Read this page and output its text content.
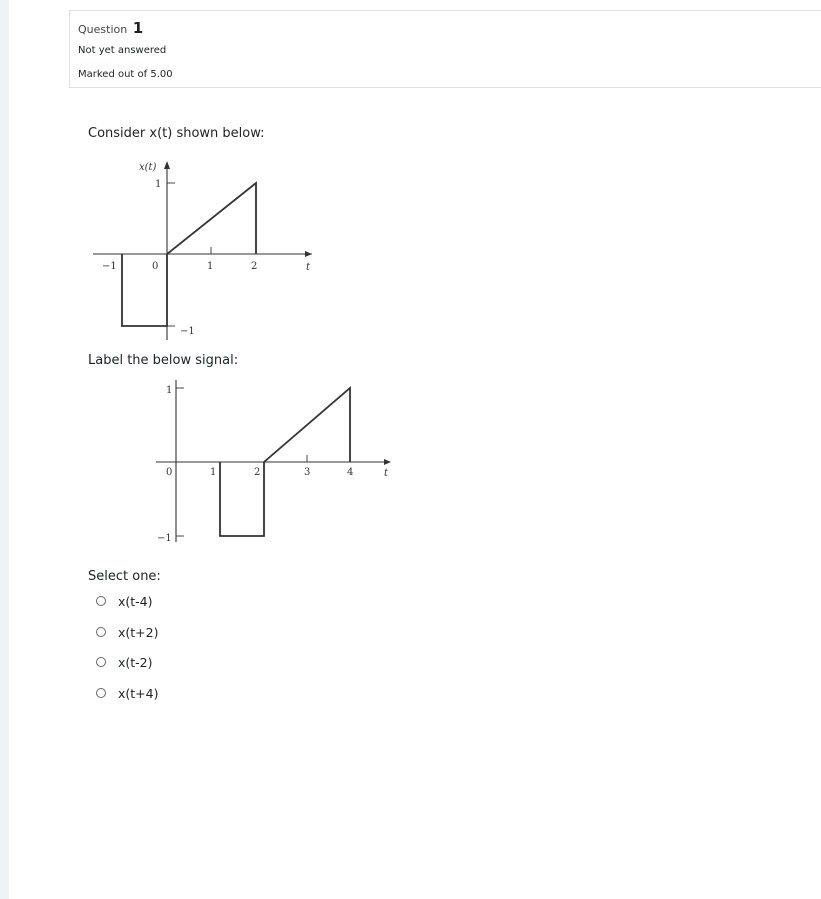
Question 1
Not yet answered
Marked out of 5.00
Consider x(t) shown below:
x(t)
1
−1	0	1	2	t
−1
Label the below signal:
1
0	1	2	3	4	t
−1
Select one:
x(t-4)
x(t+2)
x(t-2)
x(t+4)
